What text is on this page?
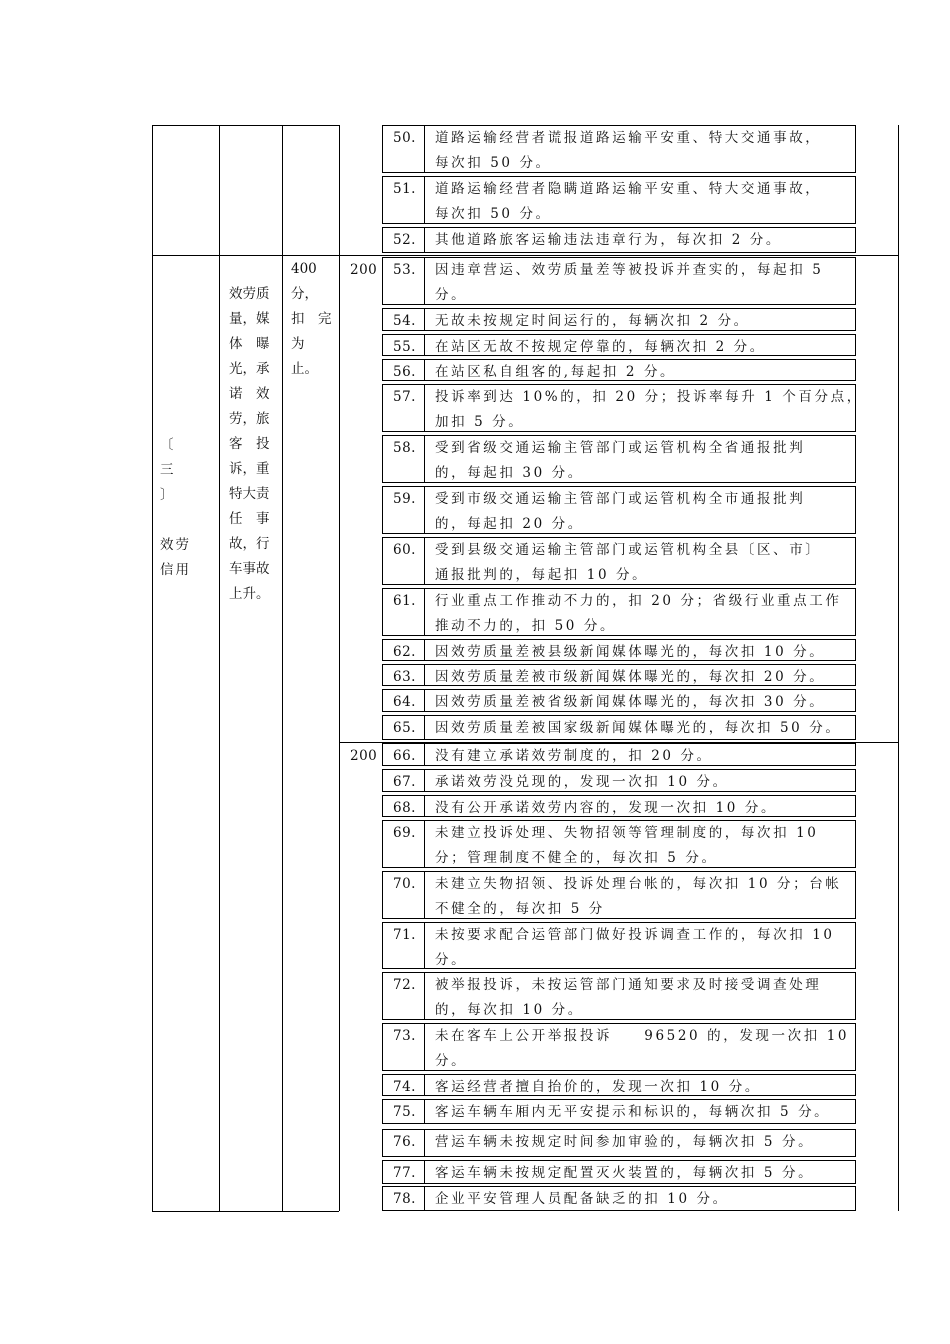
〔　三
〕
效劳
信用
效劳质
量，媒
体　曝
光，承
诺　效
劳，旅
客　投
诉，重
特大责
任　事
故，行
车事故
上升。
400
分，
扣　完
为
止。
200
200
50. 道路运输经营者谎报道路运输平安重、特大交通事故，
每次扣 50 分。
51. 道路运输经营者隐瞒道路运输平安重、特大交通事故，
每次扣 50 分。
52. 其他道路旅客运输违法违章行为，每次扣 2 分。
53. 因违章营运、效劳质量差等被投诉并查实的，每起扣 5
分。
54. 无故未按规定时间运行的，每辆次扣 2 分。
55. 在站区无故不按规定停靠的，每辆次扣 2 分。
56. 在站区私自组客的,每起扣 2 分。
57. 投诉率到达 10%的，扣 20 分；投诉率每升 1 个百分点，
加扣 5 分。
58. 受到省级交通运输主管部门或运管机构全省通报批判
的，每起扣 30 分。
59. 受到市级交通运输主管部门或运管机构全市通报批判
的，每起扣 20 分。
60. 受到县级交通运输主管部门或运管机构全县〔区、市〕
通报批判的，每起扣 10 分。
61. 行业重点工作推动不力的，扣 20 分；省级行业重点工作
推动不力的，扣 50 分。
62. 因效劳质量差被县级新闻媒体曝光的，每次扣 10 分。
63. 因效劳质量差被市级新闻媒体曝光的，每次扣 20 分。
64. 因效劳质量差被省级新闻媒体曝光的，每次扣 30 分。
65. 因效劳质量差被国家级新闻媒体曝光的，每次扣 50 分。
66. 没有建立承诺效劳制度的，扣 20 分。
67. 承诺效劳没兑现的，发现一次扣 10 分。
68. 没有公开承诺效劳内容的，发现一次扣 10 分。
69. 未建立投诉处理、失物招领等管理制度的，每次扣 10
分；管理制度不健全的，每次扣 5 分。
70. 未建立失物招领、投诉处理台帐的，每次扣 10 分；台帐
不健全的，每次扣 5 分
71. 未按要求配合运管部门做好投诉调查工作的，每次扣 10
分。
72. 被举报投诉，未按运管部门通知要求及时接受调查处理
的，每次扣 10 分。
73. 未在客车上公开举报投诉　　96520 的，发现一次扣 10
分。
74. 客运经营者擅自抬价的，发现一次扣 10 分。
75. 客运车辆车厢内无平安提示和标识的，每辆次扣 5 分。
76. 营运车辆未按规定时间参加审验的，每辆次扣 5 分。
77. 客运车辆未按规定配置灭火装置的，每辆次扣 5 分。
78. 企业平安管理人员配备缺乏的扣 10 分。
